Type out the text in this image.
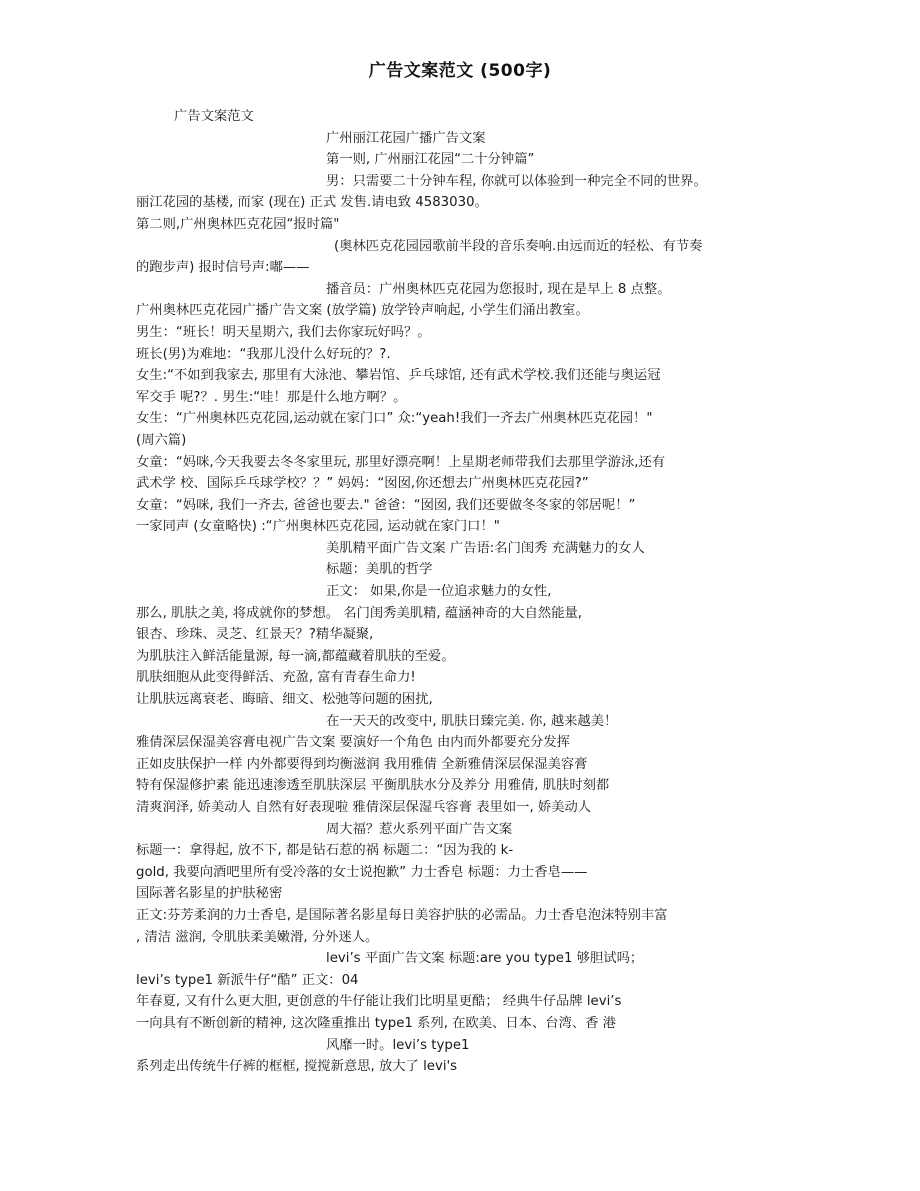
广告文案范文 (500字)
广告文案范文
广州丽江花园广播广告文案
第一则, 广州丽江花园“二十分钟篇”
男：只需要二十分钟车程, 你就可以体验到一种完全不同的世界。
丽江花园的基楼, 而家 (现在) 正式 发售.请电致 4583030。
第二则,广州奥林匹克花园“报时篇"
(奥林匹克花园园歌前半段的音乐奏响.由远而近的轻松、有节奏
的跑步声) 报时信号声:嘟——
播音员：广州奥林匹克花园为您报时, 现在是早上 8 点整。
广州奥林匹克花园广播广告文案 (放学篇) 放学铃声响起, 小学生们涌出教室。
男生：“班长！明天星期六, 我们去你家玩好吗？。
班长(男)为难地：“我那儿没什么好玩的？?.
女生:“不如到我家去, 那里有大泳池、攀岩馆、乒乓球馆, 还有武术学校.我们还能与奥运冠
军交手 呢?？. 男生:“哇！那是什么地方啊？。
女生：“广州奥林匹克花园,运动就在家门口” 众:“yeah!我们一齐去广州奥林匹克花园！"
(周六篇)
女童：“妈咪,今天我要去冬冬家里玩, 那里好漂亮啊！上星期老师带我们去那里学游泳,还有
武术学 校、国际乒乓球学校？？” 妈妈：“囡囡,你还想去广州奥林匹克花园?”
女童：“妈咪, 我们一齐去, 爸爸也要去." 爸爸：“囡囡, 我们还要做冬冬家的邻居呢！”
一家同声 (女童略快) :“广州奥林匹克花园, 运动就在家门口！"
美肌精平面广告文案 广告语:名门闺秀 充满魅力的女人
标题：美肌的哲学
正文： 如果,你是一位追求魅力的女性,
那么, 肌肤之美, 将成就你的梦想。 名门闺秀美肌精, 蕴涵神奇的大自然能量,
银杏、珍珠、灵芝、红景天？?精华凝聚,
为肌肤注入鲜活能量源, 每一滴,都蕴藏着肌肤的至爱。
肌肤细胞从此变得鲜活、充盈, 富有青春生命力!
让肌肤远离衰老、晦暗、细文、松弛等问题的困扰,
在一天天的改变中, 肌肤日臻完美. 你, 越来越美！
雅倩深层保湿美容膏电视广告文案 要演好一个角色 由内而外都要充分发挥
正如皮肤保护一样 内外都要得到均衡滋润 我用雅倩 全新雅倩深层保湿美容膏
特有保湿修护素 能迅速渗透至肌肤深层 平衡肌肤水分及养分 用雅倩, 肌肤时刻都
清爽润泽, 娇美动人 自然有好表现啦 雅倩深层保湿乓容膏 表里如一, 娇美动人
周大福？惹火系列平面广告文案
标题一：拿得起, 放不下, 都是钻石惹的祸 标题二：“因为我的 k-
gold, 我要向酒吧里所有受冷落的女士说抱歉” 力士香皂 标题：力士香皂——
国际著名影星的护肤秘密
正文:芬芳柔润的力士香皂, 是国际著名影星每日美容护肤的必需品。力士香皂泡沫特别丰富
, 清洁 滋润, 令肌肤柔美嫩滑, 分外迷人。
levi’s 平面广告文案 标题:are you type1 够胆试吗；
levi’s type1 新派牛仔“酷” 正文：04
年春夏, 又有什么更大胆, 更创意的牛仔能让我们比明星更酷； 经典牛仔品牌 levi’s
一向具有不断创新的精神, 这次隆重推出 type1 系列, 在欧美、日本、台湾、香 港
风靡一时。levi’s type1
系列走出传统牛仔裤的框框, 搅搅新意思, 放大了 levi's
